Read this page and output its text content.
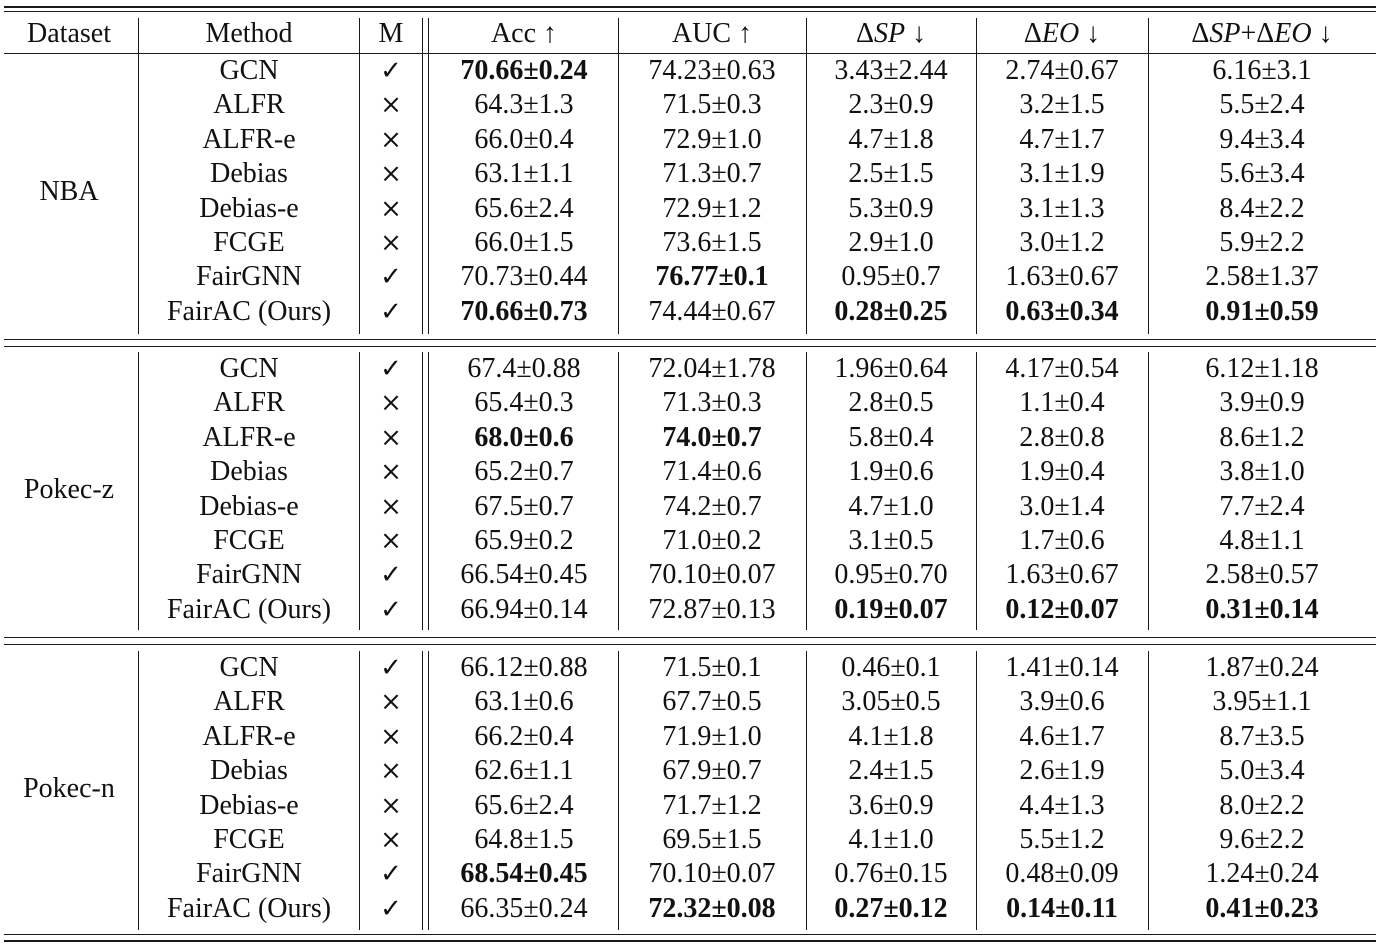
Dataset	Method	M	Acc ↑	AUC ↑	ΔSP ↓	ΔEO ↓	ΔSP+ΔEO ↓
NBA
GCN	✓	70.66±0.24	74.23±0.63	3.43±2.44	2.74±0.67	6.16±3.1
ALFR	×	64.3±1.3	71.5±0.3	2.3±0.9	3.2±1.5	5.5±2.4
ALFR-e	×	66.0±0.4	72.9±1.0	4.7±1.8	4.7±1.7	9.4±3.4
Debias	×	63.1±1.1	71.3±0.7	2.5±1.5	3.1±1.9	5.6±3.4
Debias-e	×	65.6±2.4	72.9±1.2	5.3±0.9	3.1±1.3	8.4±2.2
FCGE	×	66.0±1.5	73.6±1.5	2.9±1.0	3.0±1.2	5.9±2.2
FairGNN	✓	70.73±0.44	76.77±0.1	0.95±0.7	1.63±0.67	2.58±1.37
FairAC (Ours)	✓	70.66±0.73	74.44±0.67	0.28±0.25	0.63±0.34	0.91±0.59
Pokec-z
GCN	✓	67.4±0.88	72.04±1.78	1.96±0.64	4.17±0.54	6.12±1.18
ALFR	×	65.4±0.3	71.3±0.3	2.8±0.5	1.1±0.4	3.9±0.9
ALFR-e	×	68.0±0.6	74.0±0.7	5.8±0.4	2.8±0.8	8.6±1.2
Debias	×	65.2±0.7	71.4±0.6	1.9±0.6	1.9±0.4	3.8±1.0
Debias-e	×	67.5±0.7	74.2±0.7	4.7±1.0	3.0±1.4	7.7±2.4
FCGE	×	65.9±0.2	71.0±0.2	3.1±0.5	1.7±0.6	4.8±1.1
FairGNN	✓	66.54±0.45	70.10±0.07	0.95±0.70	1.63±0.67	2.58±0.57
FairAC (Ours)	✓	66.94±0.14	72.87±0.13	0.19±0.07	0.12±0.07	0.31±0.14
Pokec-n
GCN	✓	66.12±0.88	71.5±0.1	0.46±0.1	1.41±0.14	1.87±0.24
ALFR	×	63.1±0.6	67.7±0.5	3.05±0.5	3.9±0.6	3.95±1.1
ALFR-e	×	66.2±0.4	71.9±1.0	4.1±1.8	4.6±1.7	8.7±3.5
Debias	×	62.6±1.1	67.9±0.7	2.4±1.5	2.6±1.9	5.0±3.4
Debias-e	×	65.6±2.4	71.7±1.2	3.6±0.9	4.4±1.3	8.0±2.2
FCGE	×	64.8±1.5	69.5±1.5	4.1±1.0	5.5±1.2	9.6±2.2
FairGNN	✓	68.54±0.45	70.10±0.07	0.76±0.15	0.48±0.09	1.24±0.24
FairAC (Ours)	✓	66.35±0.24	72.32±0.08	0.27±0.12	0.14±0.11	0.41±0.23
